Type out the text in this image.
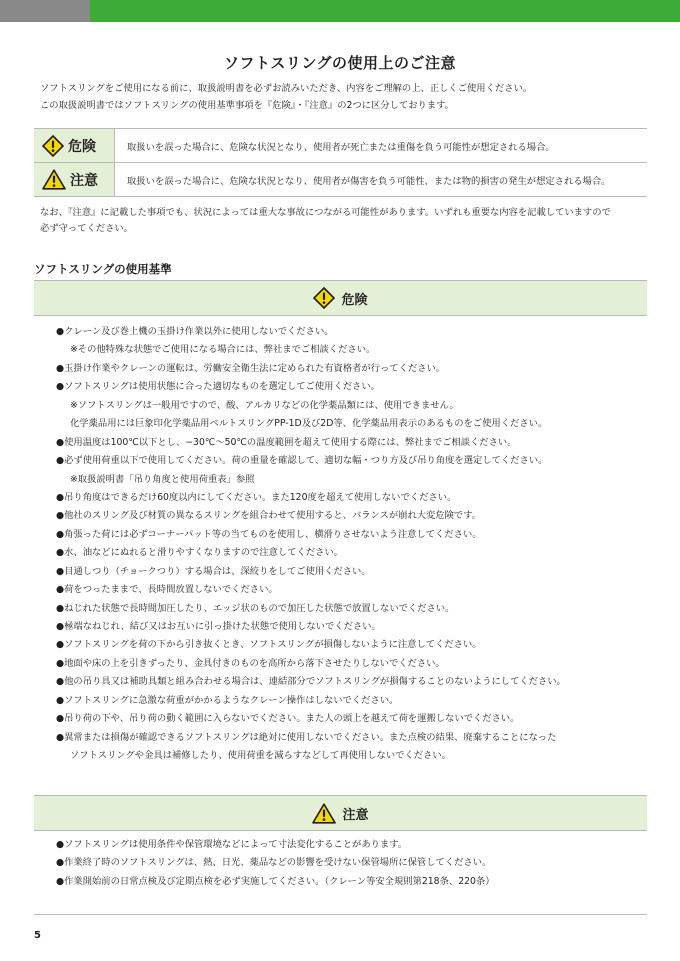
ソフトスリングの使用上のご注意

ソフトスリングをご使用になる前に、取扱説明書を必ずお読みいただき、内容をご理解の上、正しくご使用ください。

この取扱説明書ではソフトスリングの使用基準事項を『危険』・『注意』の2つに区分しております。

危険	取扱いを誤った場合に、危険な状況となり、使用者が死亡または重傷を負う可能性が想定される場合。

注意	取扱いを誤った場合に、危険な状況となり、使用者が傷害を負う可能性、または物的損害の発生が想定される場合。

なお、『注意』に記載した事項でも、状況によっては重大な事故につながる可能性があります。いずれも重要な内容を記載していますので

必ず守ってください。

ソフトスリングの使用基準
危険
●クレーン及び巻上機の玉掛け作業以外に使用しないでください。
※その他特殊な状態でご使用になる場合には、弊社までご相談ください。
●玉掛け作業やクレーンの運転は、労働安全衛生法に定められた有資格者が行ってください。
●ソフトスリングは使用状態に合った適切なものを選定してご使用ください。
※ソフトスリングは一般用ですので、酸、アルカリなどの化学薬品類には、使用できません。
化学薬品用には巨象印化学薬品用ベルトスリングPP-1D及び2D等、化学薬品用表示のあるものをご使用ください。
●使用温度は100℃以下とし、−30℃〜50℃の温度範囲を超えて使用する際には、弊社までご相談ください。
●必ず使用荷重以下で使用してください。荷の重量を確認して、適切な幅・つり方及び吊り角度を選定してください。
※取扱説明書「吊り角度と使用荷重表」参照
●吊り角度はできるだけ60度以内にしてください。また120度を超えて使用しないでください。
●他社のスリング及び材質の異なるスリングを組合わせて使用すると、バランスが崩れ大変危険です。
●角張った荷には必ずコーナーパット等の当てものを使用し、横滑りさせないよう注意してください。
●水、油などにぬれると滑りやすくなりますので注意してください。
●目通しつり（チョークつり）する場合は、深絞りをしてご使用ください。
●荷をつったままで、長時間放置しないでください。
●ねじれた状態で長時間加圧したり、エッジ状のもので加圧した状態で放置しないでください。
●極端なねじれ、結び又はお互いに引っ掛けた状態で使用しないでください。
●ソフトスリングを荷の下から引き抜くとき、ソフトスリングが損傷しないように注意してください。
●地面や床の上を引きずったり、金具付きのものを高所から落下させたりしないでください。
●他の吊り具又は補助具類と組み合わせる場合は、連結部分でソフトスリングが損傷することのないようにしてください。
●ソフトスリングに急激な荷重がかかるようなクレーン操作はしないでください。
●吊り荷の下や、吊り荷の動く範囲に入らないでください。また人の頭上を越えて荷を運搬しないでください。
●異常または損傷が確認できるソフトスリングは絶対に使用しないでください。また点検の結果、廃棄することになった
ソフトスリングや金具は補修したり、使用荷重を減らすなどして再使用しないでください。
注意
●ソフトスリングは使用条件や保管環境などによって寸法変化することがあります。
●作業終了時のソフトスリングは、熱、日光、薬品などの影響を受けない保管場所に保管してください。
●作業開始前の日常点検及び定期点検を必ず実施してください。（クレーン等安全規則第218条、220条）
5
